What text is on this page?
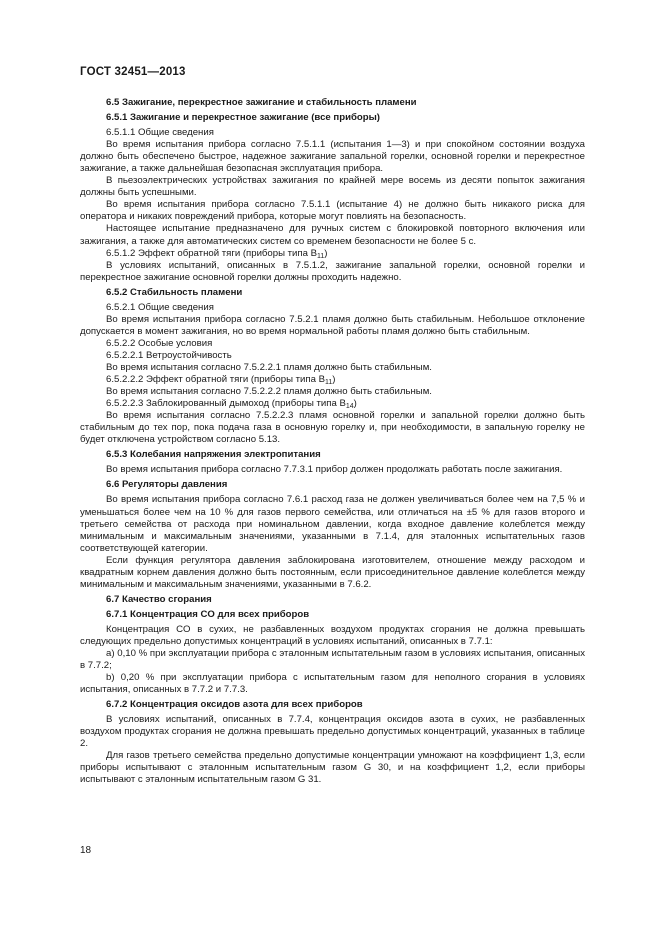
ГОСТ 32451—2013

6.5 Зажигание, перекрестное зажигание и стабильность пламени

6.5.1 Зажигание и перекрестное зажигание (все приборы)

6.5.1.1 Общие сведения

Во время испытания прибора согласно 7.5.1.1 (испытания 1—3) и при спокойном состоянии воздуха должно быть обеспечено быстрое, надежное зажигание запальной горелки, основной горелки и перекрестное зажигание, а также дальнейшая безопасная эксплуатация прибора.

В пьезоэлектрических устройствах зажигания по крайней мере восемь из десяти попыток зажигания должны быть успешными.

Во время испытания прибора согласно 7.5.1.1 (испытание 4) не должно быть никакого риска для оператора и никаких повреждений прибора, которые могут повлиять на безопасность.

Настоящее испытание предназначено для ручных систем с блокировкой повторного включения или зажигания, а также для автоматических систем со временем безопасности не более 5 с.

6.5.1.2 Эффект обратной тяги (приборы типа $B_{11}$)

В условиях испытаний, описанных в 7.5.1.2, зажигание запальной горелки, основной горелки и перекрестное зажигание основной горелки должны проходить надежно.

6.5.2 Стабильность пламени

6.5.2.1 Общие сведения

Во время испытания прибора согласно 7.5.2.1 пламя должно быть стабильным. Небольшое отклонение допускается в момент зажигания, но во время нормальной работы пламя должно быть стабильным.

6.5.2.2 Особые условия

6.5.2.2.1 Ветроустойчивость

Во время испытания согласно 7.5.2.2.1 пламя должно быть стабильным.

6.5.2.2.2 Эффект обратной тяги (приборы типа $B_{11}$)

Во время испытания согласно 7.5.2.2.2 пламя должно быть стабильным.

6.5.2.2.3 Заблокированный дымоход (приборы типа $B_{14}$)

Во время испытания согласно 7.5.2.2.3 пламя основной горелки и запальной горелки должно быть стабильным до тех пор, пока подача газа в основную горелку и, при необходимости, в запальную горелку не будет отключена устройством согласно 5.13.

6.5.3 Колебания напряжения электропитания

Во время испытания прибора согласно 7.7.3.1 прибор должен продолжать работать после зажигания.

6.6 Регуляторы давления

Во время испытания прибора согласно 7.6.1 расход газа не должен увеличиваться более чем на 7,5 % и уменьшаться более чем на 10 % для газов первого семейства, или отличаться на ±5 % для газов второго и третьего семейства от расхода при номинальном давлении, когда входное давление колеблется между минимальным и максимальным значениями, указанными в 7.1.4, для эталонных испытательных газов соответствующей категории.

Если функция регулятора давления заблокирована изготовителем, отношение между расходом и квадратным корнем давления должно быть постоянным, если присоединительное давление колеблется между минимальным и максимальным значениями, указанными в 7.6.2.

6.7 Качество сгорания

6.7.1 Концентрация CO для всех приборов

Концентрация CO в сухих, не разбавленных воздухом продуктах сгорания не должна превышать следующих предельно допустимых концентраций в условиях испытаний, описанных в 7.7.1:

a) 0,10 % при эксплуатации прибора с эталонным испытательным газом в условиях испытания, описанных в 7.7.2;

b) 0,20 % при эксплуатации прибора с испытательным газом для неполного сгорания в условиях испытания, описанных в 7.7.2 и 7.7.3.

6.7.2 Концентрация оксидов азота для всех приборов

В условиях испытаний, описанных в 7.7.4, концентрация оксидов азота в сухих, не разбавленных воздухом продуктах сгорания не должна превышать предельно допустимых концентраций, указанных в таблице 2.

Для газов третьего семейства предельно допустимые концентрации умножают на коэффициент 1,3, если приборы испытывают с эталонным испытательным газом G 30, и на коэффициент 1,2, если приборы испытывают с эталонным испытательным газом G 31.

18
